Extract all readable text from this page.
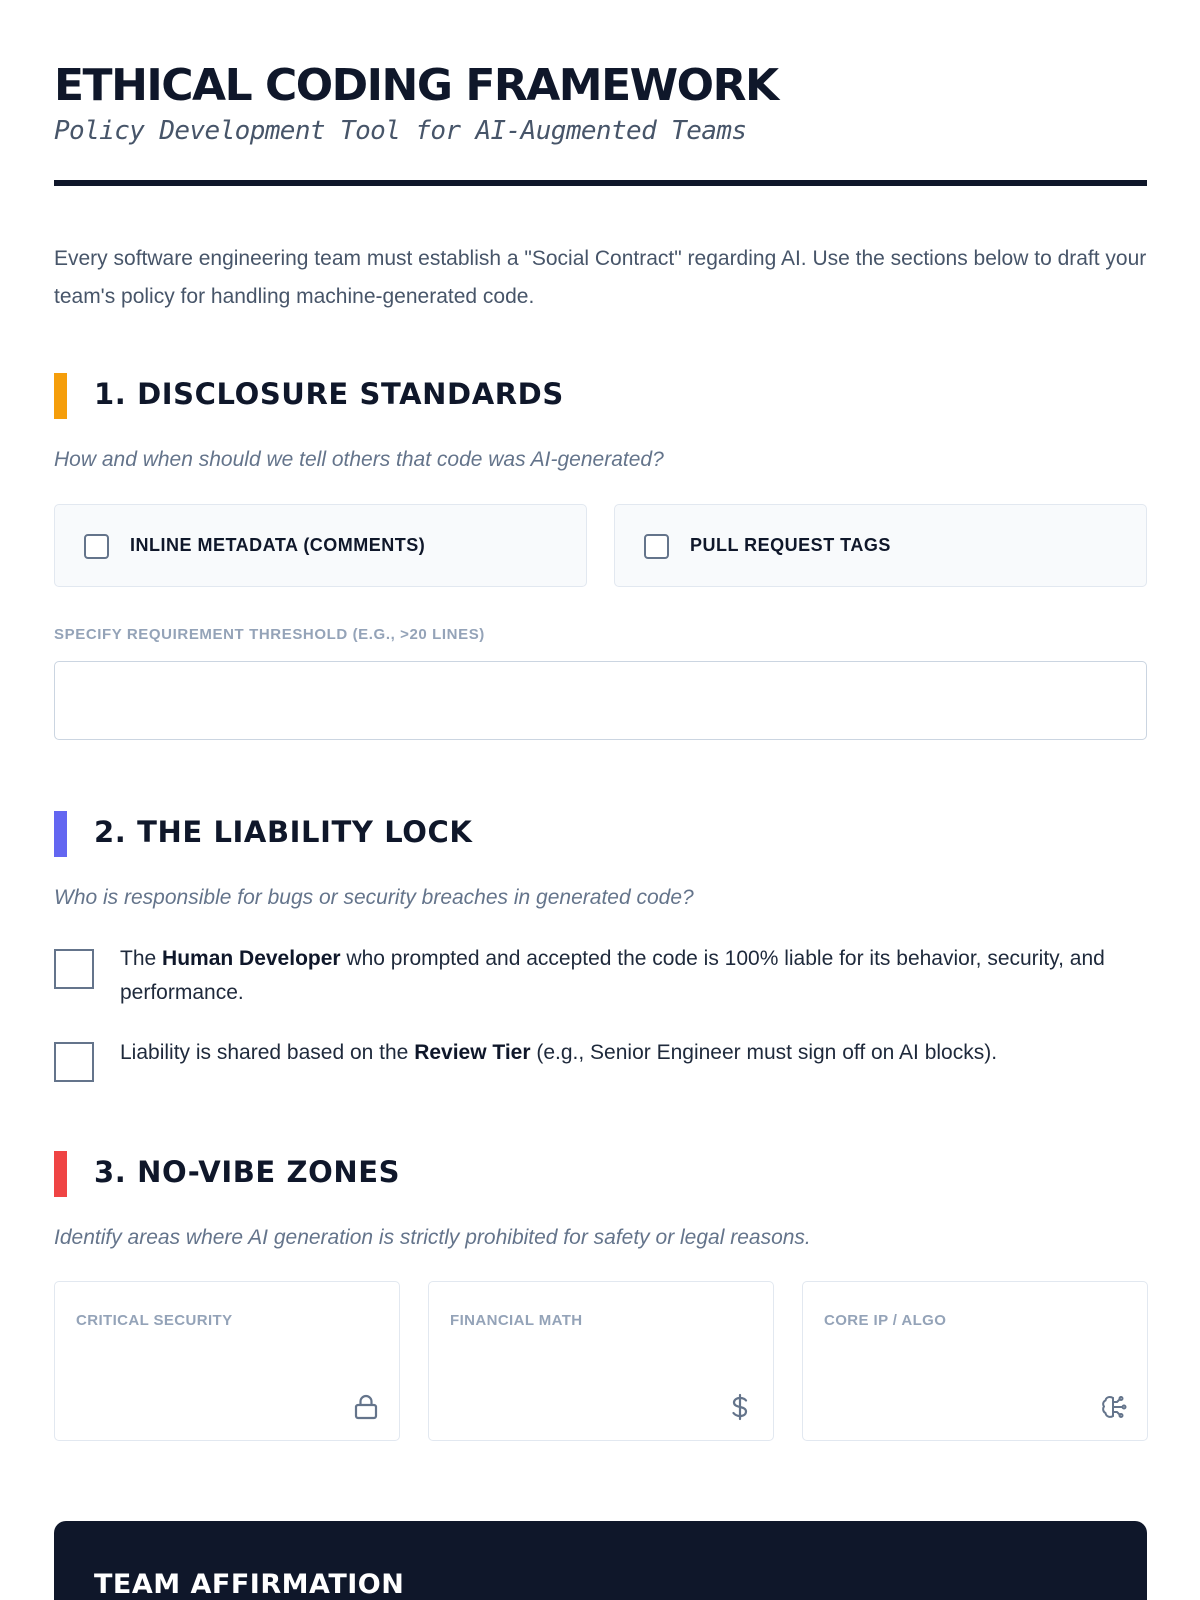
ETHICAL CODING FRAMEWORK
Policy Development Tool for AI-Augmented Teams

Every software engineering team must establish a "Social Contract" regarding AI. Use the sections below to draft your team's policy for handling machine-generated code.

1. DISCLOSURE STANDARDS
How and when should we tell others that code was AI-generated?
INLINE METADATA (COMMENTS)	PULL REQUEST TAGS
SPECIFY REQUIREMENT THRESHOLD (E.G., >20 LINES)
2. THE LIABILITY LOCK
Who is responsible for bugs or security breaches in generated code?
The Human Developer who prompted and accepted the code is 100% liable for its behavior, security, and performance.
Liability is shared based on the Review Tier (e.g., Senior Engineer must sign off on AI blocks).
3. NO-VIBE ZONES
Identify areas where AI generation is strictly prohibited for safety or legal reasons.
CRITICAL SECURITY	FINANCIAL MATH	CORE IP / ALGO
TEAM AFFIRMATION
